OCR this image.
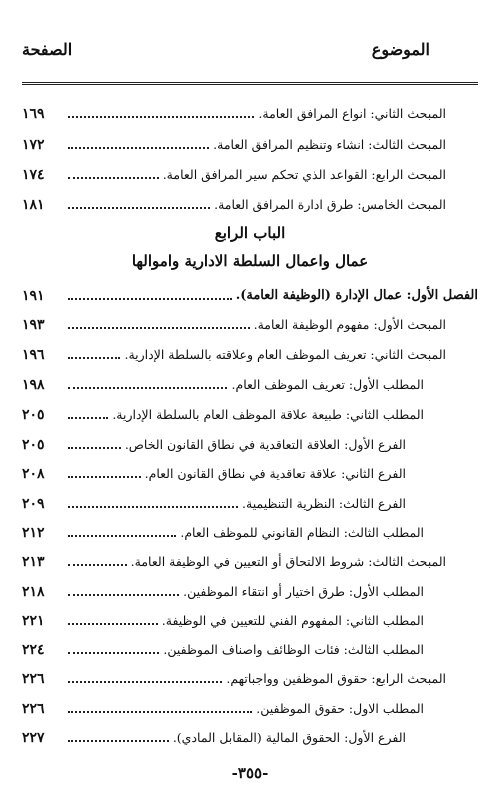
الموضوع
الصفحة
المبحث الثاني: انواع المرافق العامة.
١٦٩
المبحث الثالث: انشاء وتنظيم المرافق العامة.
١٧٢
المبحث الرابع: القواعد الذي تحكم سير المرافق العامة.
١٧٤
المبحث الخامس: طرق ادارة المرافق العامة.
١٨١
الباب الرابع
عمال واعمال السلطة الادارية واموالها
الفصل الأول: عمال الإدارة (الوظيفة العامة).
١٩١
المبحث الأول: مفهوم الوظيفة العامة.
١٩٣
المبحث الثاني: تعريف الموظف العام وعلاقته بالسلطة الإدارية.
١٩٦
المطلب الأول: تعريف الموظف العام.
١٩٨
المطلب الثاني: طبيعة علاقة الموظف العام بالسلطة الإدارية.
٢٠٥
الفرع الأول: العلاقة التعاقدية في نطاق القانون الخاص.
٢٠٥
الفرع الثاني: علاقة تعاقدية في نطاق القانون العام.
٢٠٨
الفرع الثالث: النظرية التنظيمية.
٢٠٩
المطلب الثالث: النظام القانوني للموظف العام.
٢١٢
المبحث الثالث: شروط الالتحاق أو التعيين في الوظيفة العامة.
٢١٣
المطلب الأول: طرق اختيار أو انتقاء الموظفين.
٢١٨
المطلب الثاني: المفهوم الفني للتعيين في الوظيفة.
٢٢١
المطلب الثالث: فئات الوظائف واصناف الموظفين.
٢٢٤
المبحث الرابع: حقوق الموظفين وواجباتهم.
٢٢٦
المطلب الاول: حقوق الموظفين.
٢٢٦
الفرع الأول: الحقوق المالية (المقابل المادي).
٢٢٧
-٣٥٥-
